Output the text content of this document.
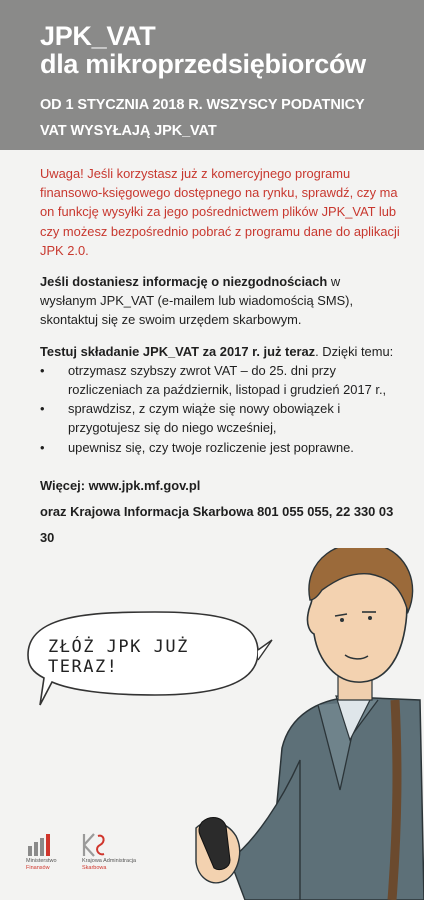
JPK_VAT
dla mikroprzedsiębiorców
OD 1 STYCZNIA 2018 R. WSZYSCY PODATNICY
VAT WYSYŁAJĄ JPK_VAT

Uwaga! Jeśli korzystasz już z komercyjnego programu finansowo-księgowego dostępnego na rynku, sprawdź, czy ma on funkcję wysyłki za jego pośrednictwem plików JPK_VAT lub czy możesz bezpośrednio pobrać z programu dane do aplikacji JPK 2.0.

Jeśli dostaniesz informację o niezgodnościach w wysłanym JPK_VAT (e-mailem lub wiadomością SMS), skontaktuj się ze swoim urzędem skarbowym.

Testuj składanie JPK_VAT za 2017 r. już teraz. Dzięki temu:
•	otrzymasz szybszy zwrot VAT – do 25. dni przy rozliczeniach za październik, listopad i grudzień 2017 r.,
•	sprawdzisz, z czym wiąże się nowy obowiązek i przygotujesz się do niego wcześniej,
•	upewnisz się, czy twoje rozliczenie jest poprawne.
Więcej: www.jpk.mf.gov.pl
oraz Krajowa Informacja Skarbowa 801 055 055, 22 330 03 30
ZŁÓŻ JPK JUŻ TERAZ!
Ministerstwo
Finansów
Krajowa Administracja
Skarbowa
